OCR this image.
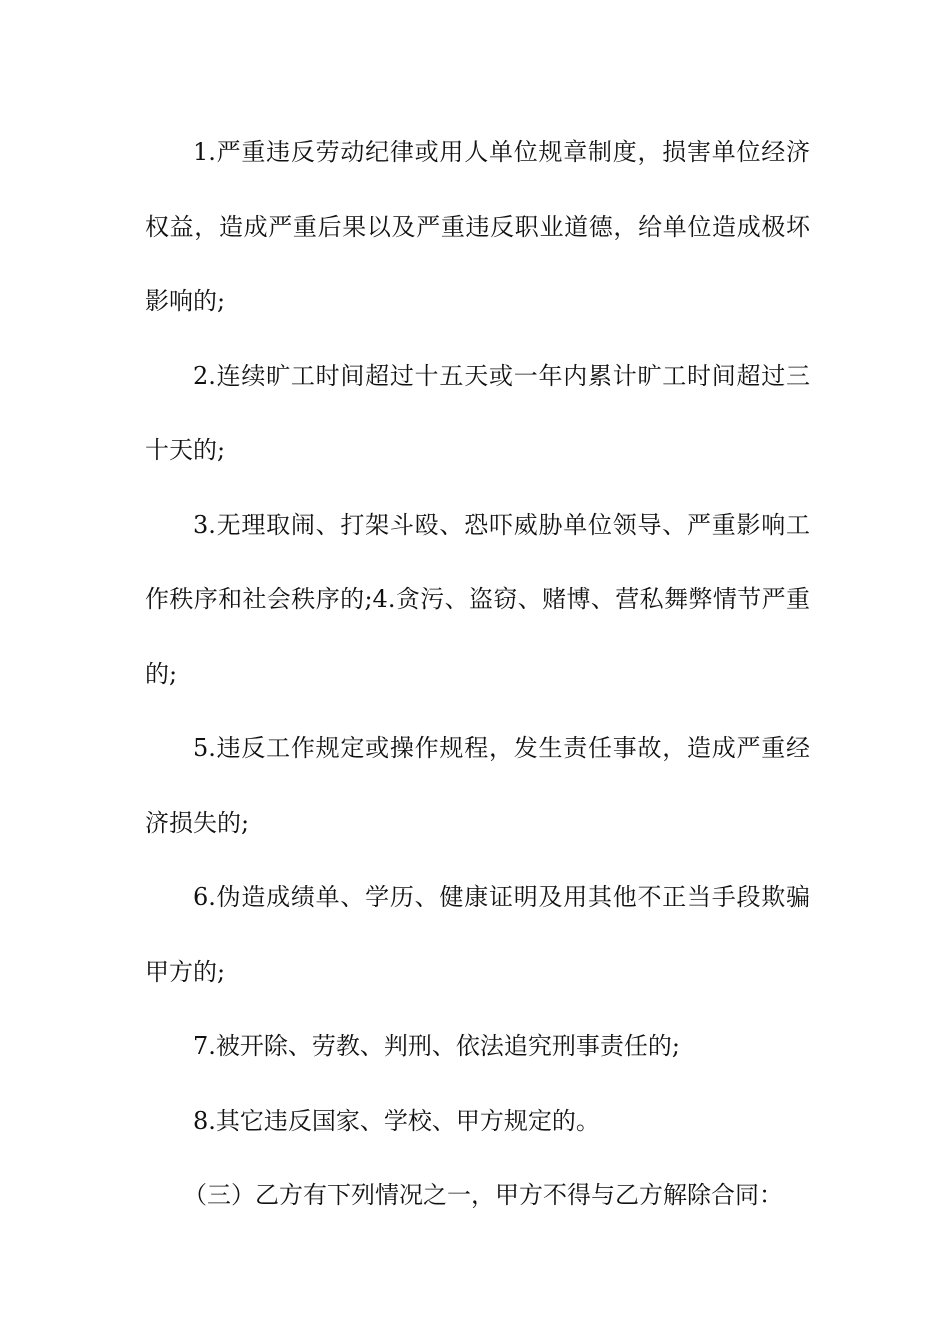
1.严重违反劳动纪律或用人单位规章制度，损害单位经济权益，造成严重后果以及严重违反职业道德，给单位造成极坏影响的;

2.连续旷工时间超过十五天或一年内累计旷工时间超过三十天的;

3.无理取闹、打架斗殴、恐吓威胁单位领导、严重影响工作秩序和社会秩序的;4.贪污、盗窃、赌博、营私舞弊情节严重的;

5.违反工作规定或操作规程，发生责任事故，造成严重经济损失的;

6.伪造成绩单、学历、健康证明及用其他不正当手段欺骗甲方的;

7.被开除、劳教、判刑、依法追究刑事责任的;

8.其它违反国家、学校、甲方规定的。

（三）乙方有下列情况之一，甲方不得与乙方解除合同：
